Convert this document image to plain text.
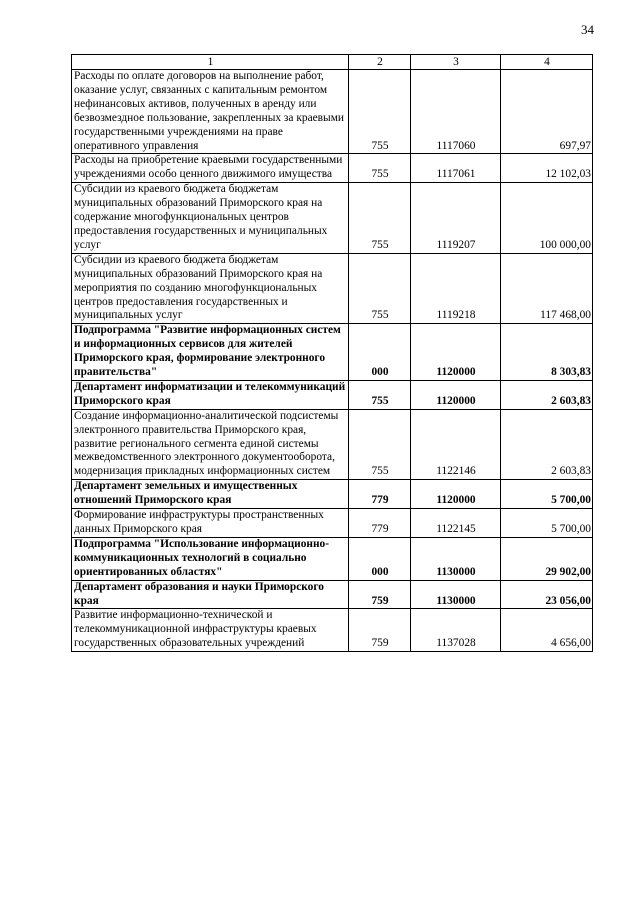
34
1	2	3	4
Расходы по оплате договоров на выполнение работ, оказание услуг, связанных с капитальным ремонтом нефинансовых активов, полученных в аренду или безвозмездное пользование, закрепленных за краевыми государственными учреждениями на праве оперативного управления	755	1117060	697,97
Расходы на приобретение краевыми государственными учреждениями особо ценного движимого имущества	755	1117061	12 102,03
Субсидии из краевого бюджета бюджетам муниципальных образований Приморского края на содержание многофункциональных центров предоставления государственных и муниципальных услуг	755	1119207	100 000,00
Субсидии из краевого бюджета бюджетам муниципальных образований Приморского края на мероприятия по созданию многофункциональных центров предоставления государственных и муниципальных услуг	755	1119218	117 468,00
Подпрограмма "Развитие информационных систем и информационных сервисов для жителей Приморского края, формирование электронного правительства"	000	1120000	8 303,83
Департамент информатизации и телекоммуникаций Приморского края	755	1120000	2 603,83
Создание информационно-аналитической подсистемы электронного правительства Приморского края, развитие региональнoго сегмента единой системы межведомственного электронного документооборота, модернизация прикладных информационных систем	755	1122146	2 603,83
Департамент земельных и имущественных отношений Приморского края	779	1120000	5 700,00
Формирование инфраструктуры пространственных данных Приморского края	779	1122145	5 700,00
Подпрограмма "Использование информационно-коммуникационных технологий в социально ориентированных областях"	000	1130000	29 902,00
Департамент образования и науки Приморского края	759	1130000	23 056,00
Развитие информационно-технической и телекоммуникационной инфраструктуры краевых государственных образовательных учреждений	759	1137028	4 656,00
